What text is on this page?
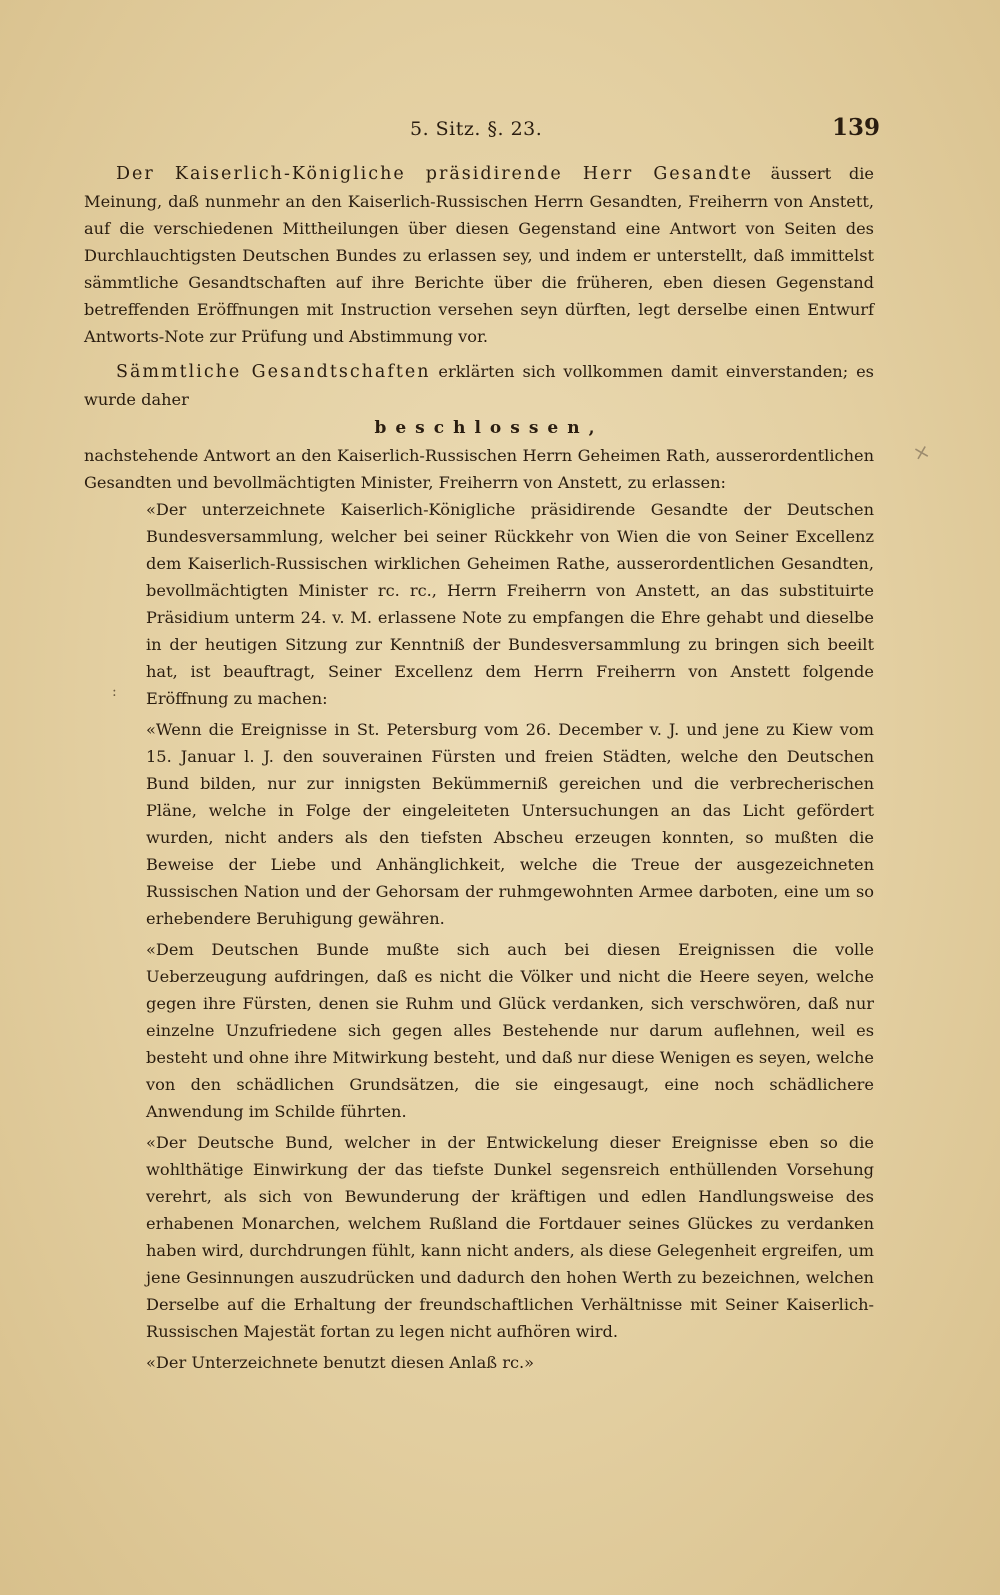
5. Sitz. §. 23.	139
×
:

Der Kaiserlich-Königliche präsidirende Herr Gesandte äussert die Meinung, daß nunmehr an den Kaiserlich-Russischen Herrn Gesandten, Freiherrn von Anstett, auf die verschiedenen Mittheilungen über diesen Gegenstand eine Antwort von Seiten des Durchlauchtigsten Deutschen Bundes zu erlassen sey, und indem er unterstellt, daß immittelst sämmtliche Gesandtschaften auf ihre Berichte über die früheren, eben diesen Gegenstand betreffenden Eröffnungen mit Instruction versehen seyn dürften, legt derselbe einen Entwurf Antworts-Note zur Prüfung und Abstimmung vor.

Sämmtliche Gesandtschaften erklärten sich vollkommen damit einverstanden; es wurde daher

beschlossen,

nachstehende Antwort an den Kaiserlich-Russischen Herrn Geheimen Rath, ausserordentlichen Gesandten und bevollmächtigten Minister, Freiherrn von Anstett, zu erlassen:

«Der unterzeichnete Kaiserlich-Königliche präsidirende Gesandte der Deutschen Bundesversammlung, welcher bei seiner Rückkehr von Wien die von Seiner Excellenz dem Kaiserlich-Russischen wirklichen Geheimen Rathe, ausserordentlichen Gesandten, bevollmächtigten Minister rc. rc., Herrn Freiherrn von Anstett, an das substituirte Präsidium unterm 24. v. M. erlassene Note zu empfangen die Ehre gehabt und dieselbe in der heutigen Sitzung zur Kenntniß der Bundesversammlung zu bringen sich beeilt hat, ist beauftragt, Seiner Excellenz dem Herrn Freiherrn von Anstett folgende Eröffnung zu machen:

«Wenn die Ereignisse in St. Petersburg vom 26. December v. J. und jene zu Kiew vom 15. Januar l. J. den souverainen Fürsten und freien Städten, welche den Deutschen Bund bilden, nur zur innigsten Bekümmerniß gereichen und die verbrecherischen Pläne, welche in Folge der eingeleiteten Untersuchungen an das Licht gefördert wurden, nicht anders als den tiefsten Abscheu erzeugen konnten, so mußten die Beweise der Liebe und Anhänglichkeit, welche die Treue der ausgezeichneten Russischen Nation und der Gehorsam der ruhmgewohnten Armee darboten, eine um so erhebendere Beruhigung gewähren.

«Dem Deutschen Bunde mußte sich auch bei diesen Ereignissen die volle Ueberzeugung aufdringen, daß es nicht die Völker und nicht die Heere seyen, welche gegen ihre Fürsten, denen sie Ruhm und Glück verdanken, sich verschwören, daß nur einzelne Unzufriedene sich gegen alles Bestehende nur darum auflehnen, weil es besteht und ohne ihre Mitwirkung besteht, und daß nur diese Wenigen es seyen, welche von den schädlichen Grundsätzen, die sie eingesaugt, eine noch schädlichere Anwendung im Schilde führten.

«Der Deutsche Bund, welcher in der Entwickelung dieser Ereignisse eben so die wohlthätige Einwirkung der das tiefste Dunkel segensreich enthüllenden Vorsehung verehrt, als sich von Bewunderung der kräftigen und edlen Handlungsweise des erhabenen Monarchen, welchem Rußland die Fortdauer seines Glückes zu verdanken haben wird, durchdrungen fühlt, kann nicht anders, als diese Gelegenheit ergreifen, um jene Gesinnungen auszudrücken und dadurch den hohen Werth zu bezeichnen, welchen Derselbe auf die Erhaltung der freundschaftlichen Verhältnisse mit Seiner Kaiserlich-Russischen Majestät fortan zu legen nicht aufhören wird.

«Der Unterzeichnete benutzt diesen Anlaß rc.»
